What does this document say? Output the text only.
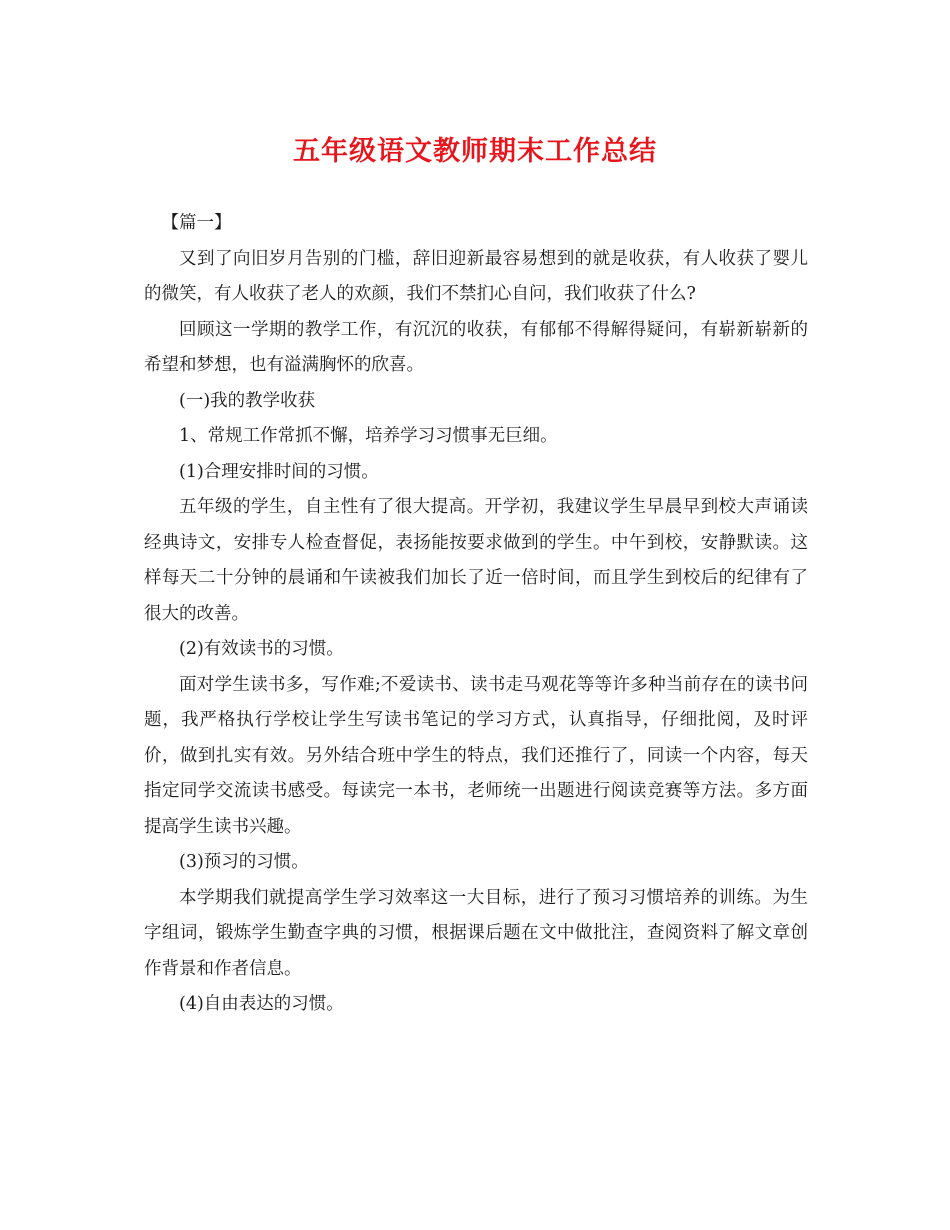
五年级语文教师期末工作总结

【篇一】

又到了向旧岁月告别的门槛，辞旧迎新最容易想到的就是收获，有人收获了婴儿的微笑，有人收获了老人的欢颜，我们不禁扪心自问，我们收获了什么?

回顾这一学期的教学工作，有沉沉的收获，有郁郁不得解得疑问，有崭新崭新的希望和梦想，也有溢满胸怀的欣喜。

(一)我的教学收获

1、常规工作常抓不懈，培养学习习惯事无巨细。

(1)合理安排时间的习惯。

五年级的学生，自主性有了很大提高。开学初，我建议学生早晨早到校大声诵读经典诗文，安排专人检查督促，表扬能按要求做到的学生。中午到校，安静默读。这样每天二十分钟的晨诵和午读被我们加长了近一倍时间，而且学生到校后的纪律有了很大的改善。

(2)有效读书的习惯。

面对学生读书多，写作难;不爱读书、读书走马观花等等许多种当前存在的读书问题，我严格执行学校让学生写读书笔记的学习方式，认真指导，仔细批阅，及时评价，做到扎实有效。另外结合班中学生的特点，我们还推行了，同读一个内容，每天指定同学交流读书感受。每读完一本书，老师统一出题进行阅读竞赛等方法。多方面提高学生读书兴趣。

(3)预习的习惯。

本学期我们就提高学生学习效率这一大目标，进行了预习习惯培养的训练。为生字组词，锻炼学生勤查字典的习惯，根据课后题在文中做批注，查阅资料了解文章创作背景和作者信息。

(4)自由表达的习惯。
